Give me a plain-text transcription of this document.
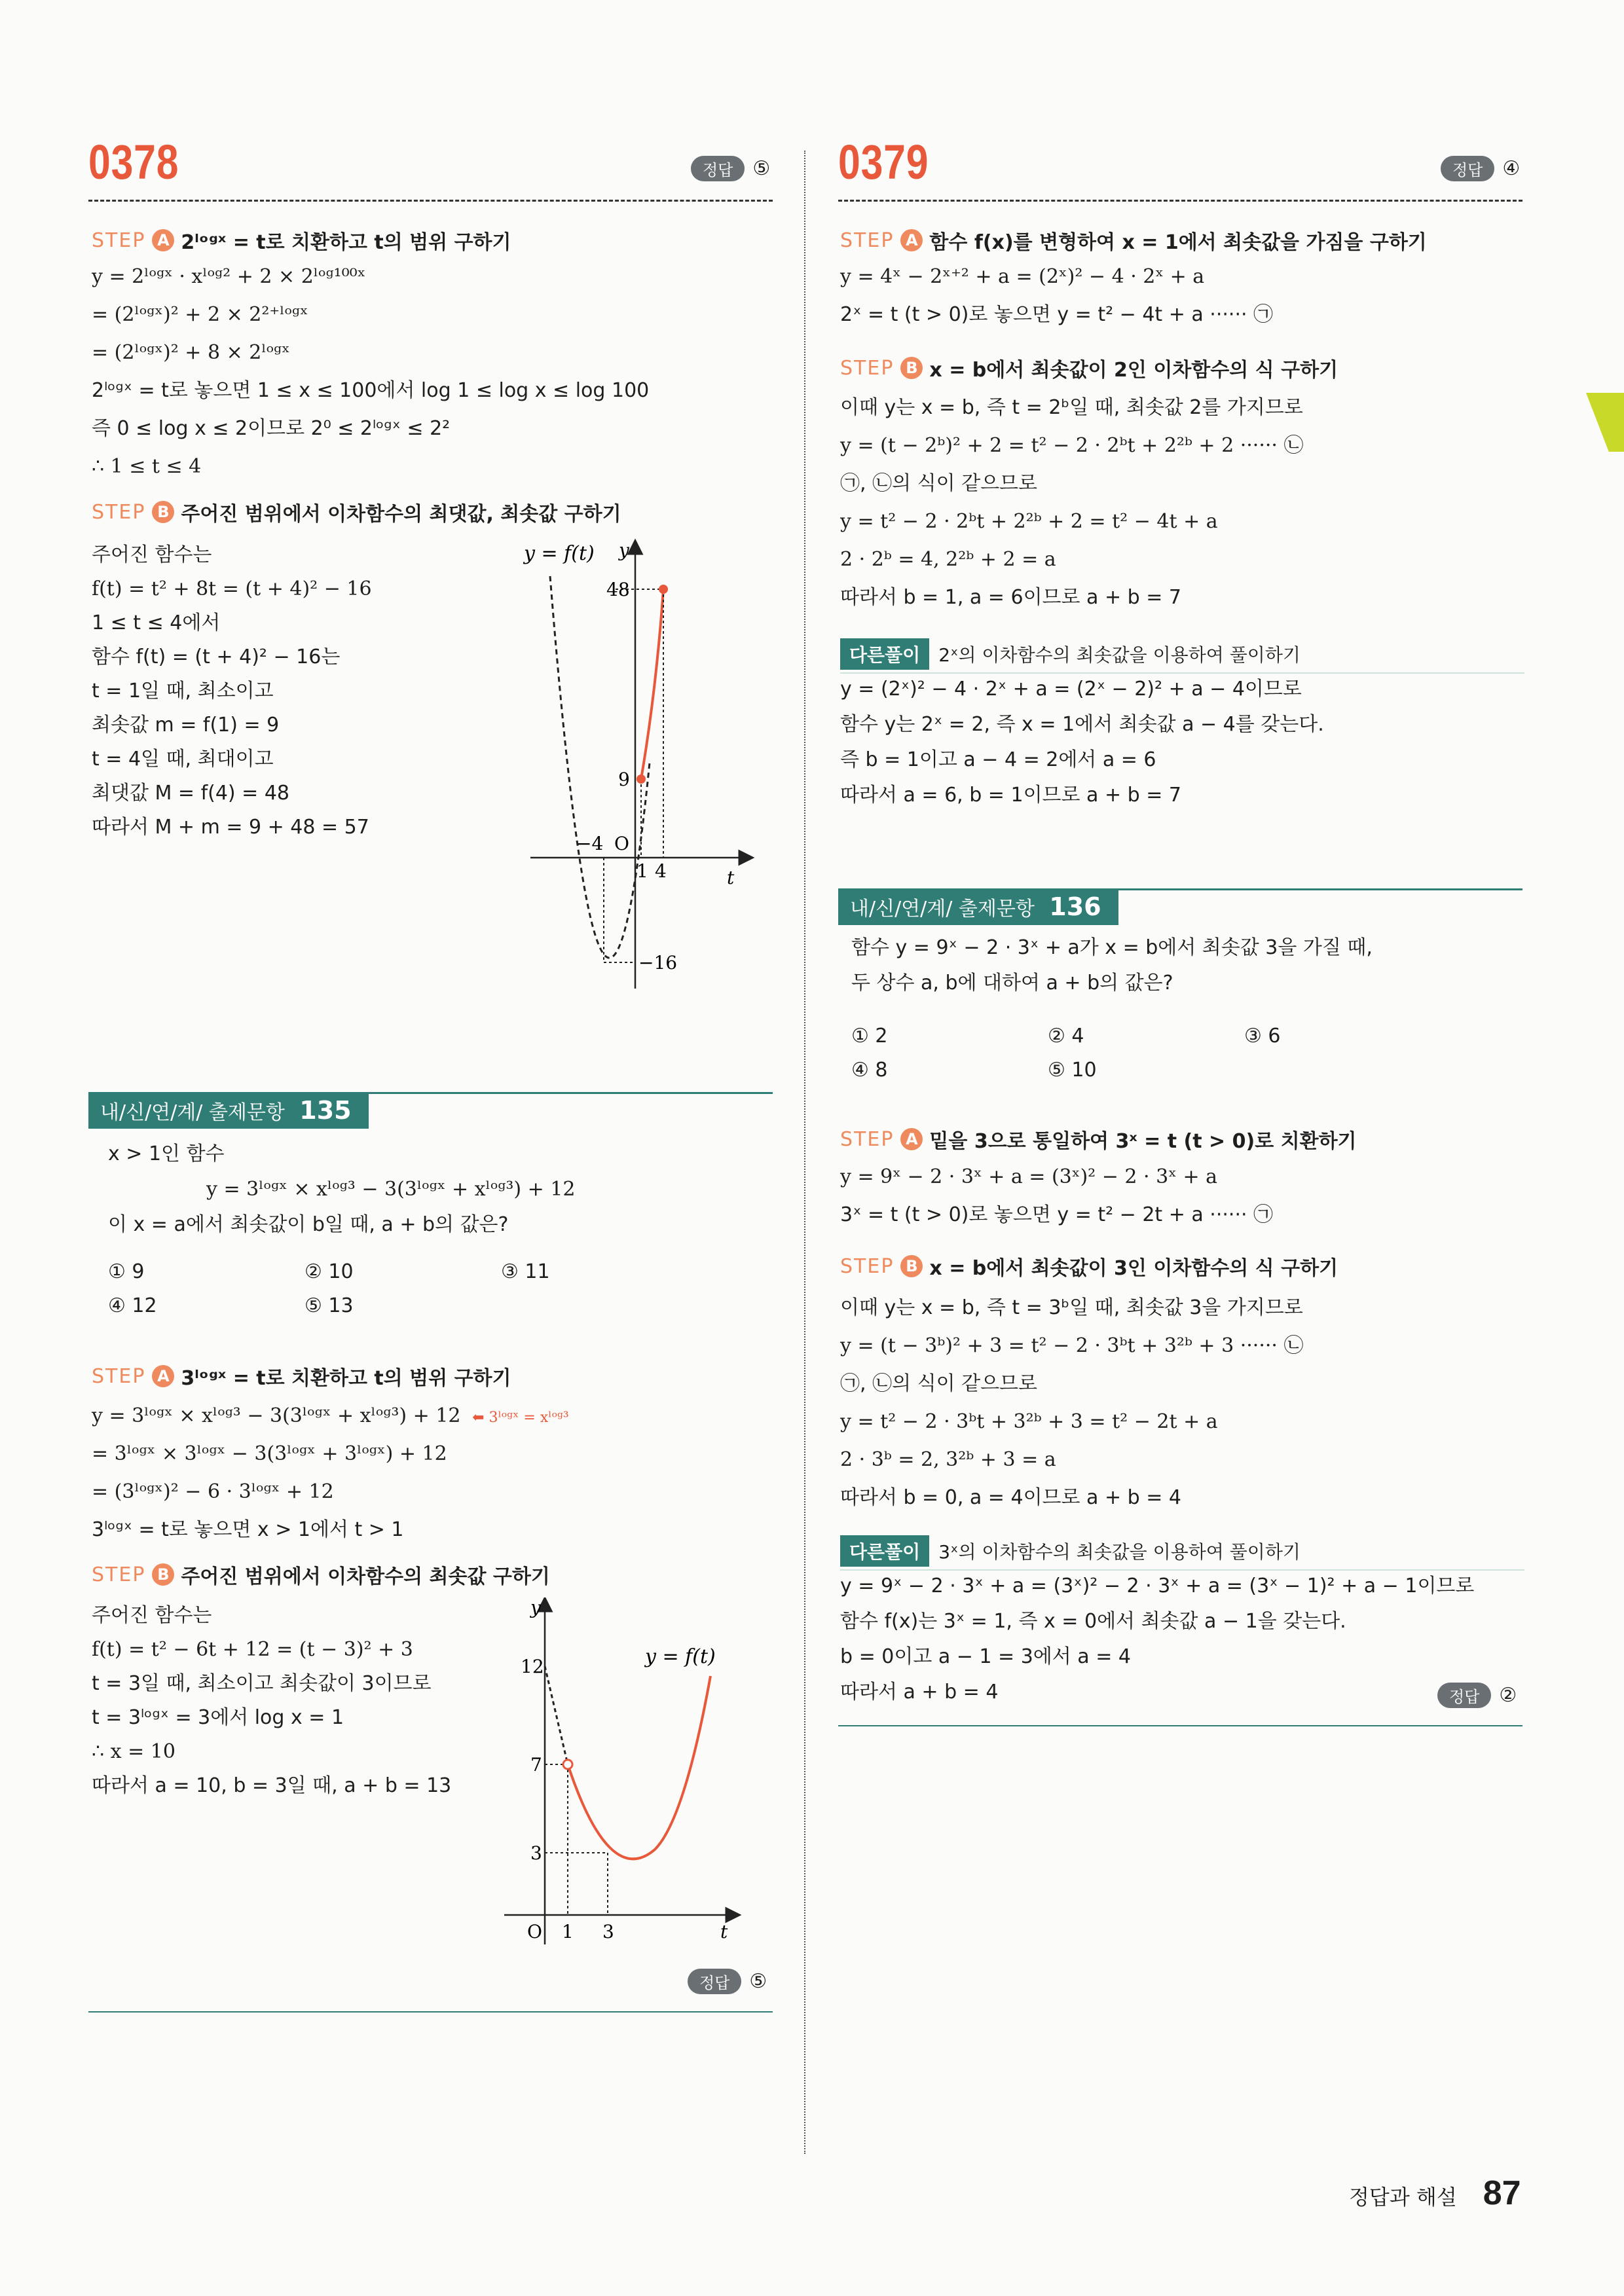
0378	정답	⑤
STEP A 2ˡᵒᵍˣ = t로 치환하고 t의 범위 구하기
y = 2ˡᵒᵍˣ · xˡᵒᵍ² + 2 × 2ˡᵒᵍ¹⁰⁰ˣ
= (2ˡᵒᵍˣ)² + 2 × 2²⁺ˡᵒᵍˣ
= (2ˡᵒᵍˣ)² + 8 × 2ˡᵒᵍˣ
2ˡᵒᵍˣ = t로 놓으면 1 ≤ x ≤ 100에서 log 1 ≤ log x ≤ log 100
즉 0 ≤ log x ≤ 2이므로 2⁰ ≤ 2ˡᵒᵍˣ ≤ 2²
∴ 1 ≤ t ≤ 4
STEP B 주어진 범위에서 이차함수의 최댓값, 최솟값 구하기
주어진 함수는
f(t) = t² + 8t = (t + 4)² − 16
1 ≤ t ≤ 4에서
함수 f(t) = (t + 4)² − 16는
t = 1일 때, 최소이고
최솟값 m = f(1) = 9
t = 4일 때, 최대이고
최댓값 M = f(4) = 48
따라서 M + m = 9 + 48 = 57
y = f(t) y
t
O
48
9
−4
1 4
−16
내/신/연/계/ 출제문항 135
x > 1인 함수
y = 3ˡᵒᵍˣ × xˡᵒᵍ³ − 3(3ˡᵒᵍˣ + xˡᵒᵍ³) + 12
이 x = a에서 최솟값이 b일 때, a + b의 값은?
① 9	② 10	③ 11
④ 12	⑤ 13
STEP A 3ˡᵒᵍˣ = t로 치환하고 t의 범위 구하기
y = 3ˡᵒᵍˣ × xˡᵒᵍ³ − 3(3ˡᵒᵍˣ + xˡᵒᵍ³) + 12 ⬅ 3ˡᵒᵍˣ = xˡᵒᵍ³
= 3ˡᵒᵍˣ × 3ˡᵒᵍˣ − 3(3ˡᵒᵍˣ + 3ˡᵒᵍˣ) + 12
= (3ˡᵒᵍˣ)² − 6 · 3ˡᵒᵍˣ + 12
3ˡᵒᵍˣ = t로 놓으면 x > 1에서 t > 1
STEP B 주어진 범위에서 이차함수의 최솟값 구하기
주어진 함수는
f(t) = t² − 6t + 12 = (t − 3)² + 3
t = 3일 때, 최소이고 최솟값이 3이므로
t = 3ˡᵒᵍˣ = 3에서 log x = 1
∴ x = 10
따라서 a = 10, b = 3일 때, a + b = 13
y = f(t)
y
t
O
12
7
3
1 3
정답	⑤
0379	정답	④
STEP A 함수 f(x)를 변형하여 x = 1에서 최솟값을 가짐을 구하기
y = 4ˣ − 2ˣ⁺² + a = (2ˣ)² − 4 · 2ˣ + a
2ˣ = t (t > 0)로 놓으면 y = t² − 4t + a ······ ㉠
STEP B x = b에서 최솟값이 2인 이차함수의 식 구하기
이때 y는 x = b, 즉 t = 2ᵇ일 때, 최솟값 2를 가지므로
y = (t − 2ᵇ)² + 2 = t² − 2 · 2ᵇt + 2²ᵇ + 2 ······ ㉡
㉠, ㉡의 식이 같으므로
y = t² − 2 · 2ᵇt + 2²ᵇ + 2 = t² − 4t + a
2 · 2ᵇ = 4, 2²ᵇ + 2 = a
따라서 b = 1, a = 6이므로 a + b = 7
다른풀이	2ˣ의 이차함수의 최솟값을 이용하여 풀이하기
y = (2ˣ)² − 4 · 2ˣ + a = (2ˣ − 2)² + a − 4이므로
함수 y는 2ˣ = 2, 즉 x = 1에서 최솟값 a − 4를 갖는다.
즉 b = 1이고 a − 4 = 2에서 a = 6
따라서 a = 6, b = 1이므로 a + b = 7
내/신/연/계/ 출제문항 136
함수 y = 9ˣ − 2 · 3ˣ + a가 x = b에서 최솟값 3을 가질 때,
두 상수 a, b에 대하여 a + b의 값은?
① 2	② 4	③ 6
④ 8	⑤ 10
STEP A 밑을 3으로 통일하여 3ˣ = t (t > 0)로 치환하기
y = 9ˣ − 2 · 3ˣ + a = (3ˣ)² − 2 · 3ˣ + a
3ˣ = t (t > 0)로 놓으면 y = t² − 2t + a ······ ㉠
STEP B x = b에서 최솟값이 3인 이차함수의 식 구하기
이때 y는 x = b, 즉 t = 3ᵇ일 때, 최솟값 3을 가지므로
y = (t − 3ᵇ)² + 3 = t² − 2 · 3ᵇt + 3²ᵇ + 3 ······ ㉡
㉠, ㉡의 식이 같으므로
y = t² − 2 · 3ᵇt + 3²ᵇ + 3 = t² − 2t + a
2 · 3ᵇ = 2, 3²ᵇ + 3 = a
따라서 b = 0, a = 4이므로 a + b = 4
다른풀이	3ˣ의 이차함수의 최솟값을 이용하여 풀이하기
y = 9ˣ − 2 · 3ˣ + a = (3ˣ)² − 2 · 3ˣ + a = (3ˣ − 1)² + a − 1이므로
함수 f(x)는 3ˣ = 1, 즉 x = 0에서 최솟값 a − 1을 갖는다.
b = 0이고 a − 1 = 3에서 a = 4
따라서 a + b = 4	정답	②
정답과 해설 87
